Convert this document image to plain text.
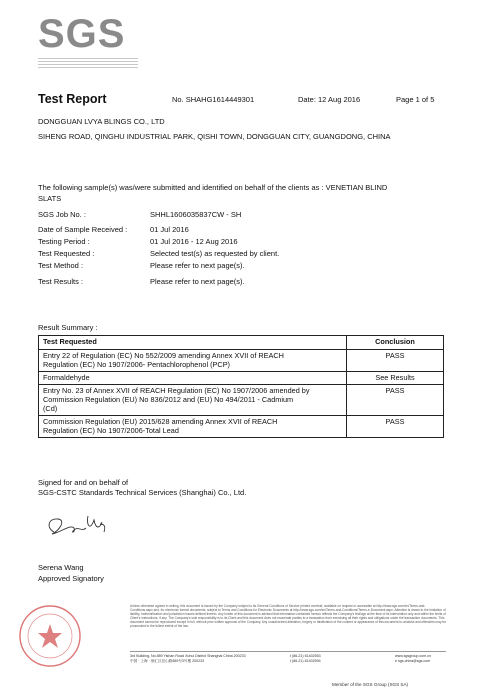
SGS
Test Report	No. SHAHG1614449301	Date: 12 Aug 2016	Page 1 of 5
DONGGUAN LVYA BLINGS CO., LTD
SIHENG ROAD, QINGHU INDUSTRIAL PARK, QISHI TOWN, DONGGUAN CITY, GUANGDONG, CHINA
The following sample(s) was/were submitted and identified on behalf of the clients as : VENETIAN BLIND
SLATS
SGS Job No. :	SHHL1606035837CW - SH
Date of Sample Received :	01 Jul 2016
Testing Period :	01 Jul 2016 - 12 Aug 2016
Test Requested :	Selected test(s) as requested by client.
Test Method :	Please refer to next page(s).
Test Results :	Please refer to next page(s).
Result Summary :
Test Requested	Conclusion

Entry 22 of Regulation (EC) No 552/2009 amending Annex XVII of REACH
Regulation (EC) No 1907/2006- Pentachlorophenol (PCP)	PASS
Formaldehyde	See Results

Entry No. 23 of Annex XVII of REACH Regulation (EC) No 1907/2006 amended by
Commission Regulation (EU) No 836/2012 and (EU) No 494/2011 - Cadmium
(Cd)	PASS

Commission Regulation (EU) 2015/628 amending Annex XVII of REACH
Regulation (EC) No 1907/2006-Total Lead	PASS
Signed for and on behalf of
SGS-CSTC Standards Technical Services (Shanghai) Co., Ltd.
Serena Wang
Approved Signatory
Unless otherwise agreed in writing, this document is issued by the Company subject to its General Conditions of Service printed overleaf, available on request or accessible at http://www.sgs.com/en/Terms-and-Conditions.aspx and, for electronic format documents, subject to Terms and Conditions for Electronic Documents at http://www.sgs.com/en/Terms-and-Conditions/Terms-e-Document.aspx. Attention is drawn to the limitation of liability, indemnification and jurisdiction issues defined therein. Any holder of this document is advised that information contained hereon reflects the Company's findings at the time of its intervention only and within the limits of Client's instructions, if any. The Company's sole responsibility is to its Client and this document does not exonerate parties to a transaction from exercising all their rights and obligations under the transaction documents. This document cannot be reproduced except in full, without prior written approval of the Company. Any unauthorized alteration, forgery or falsification of the content or appearance of this document is unlawful and offenders may be prosecuted to the fullest extent of the law.
3rd Building, No.889 Yishan Road Xuhui District Shanghai China 200233
中国 · 上海 · 徐汇区宜山路889号3号楼 200233
t (86-21) 61402553
t (86-21) 61402594
www.sgsgroup.com.cn
e sgs.china@sgs.com
Member of the SGS Group (SGS SA)
